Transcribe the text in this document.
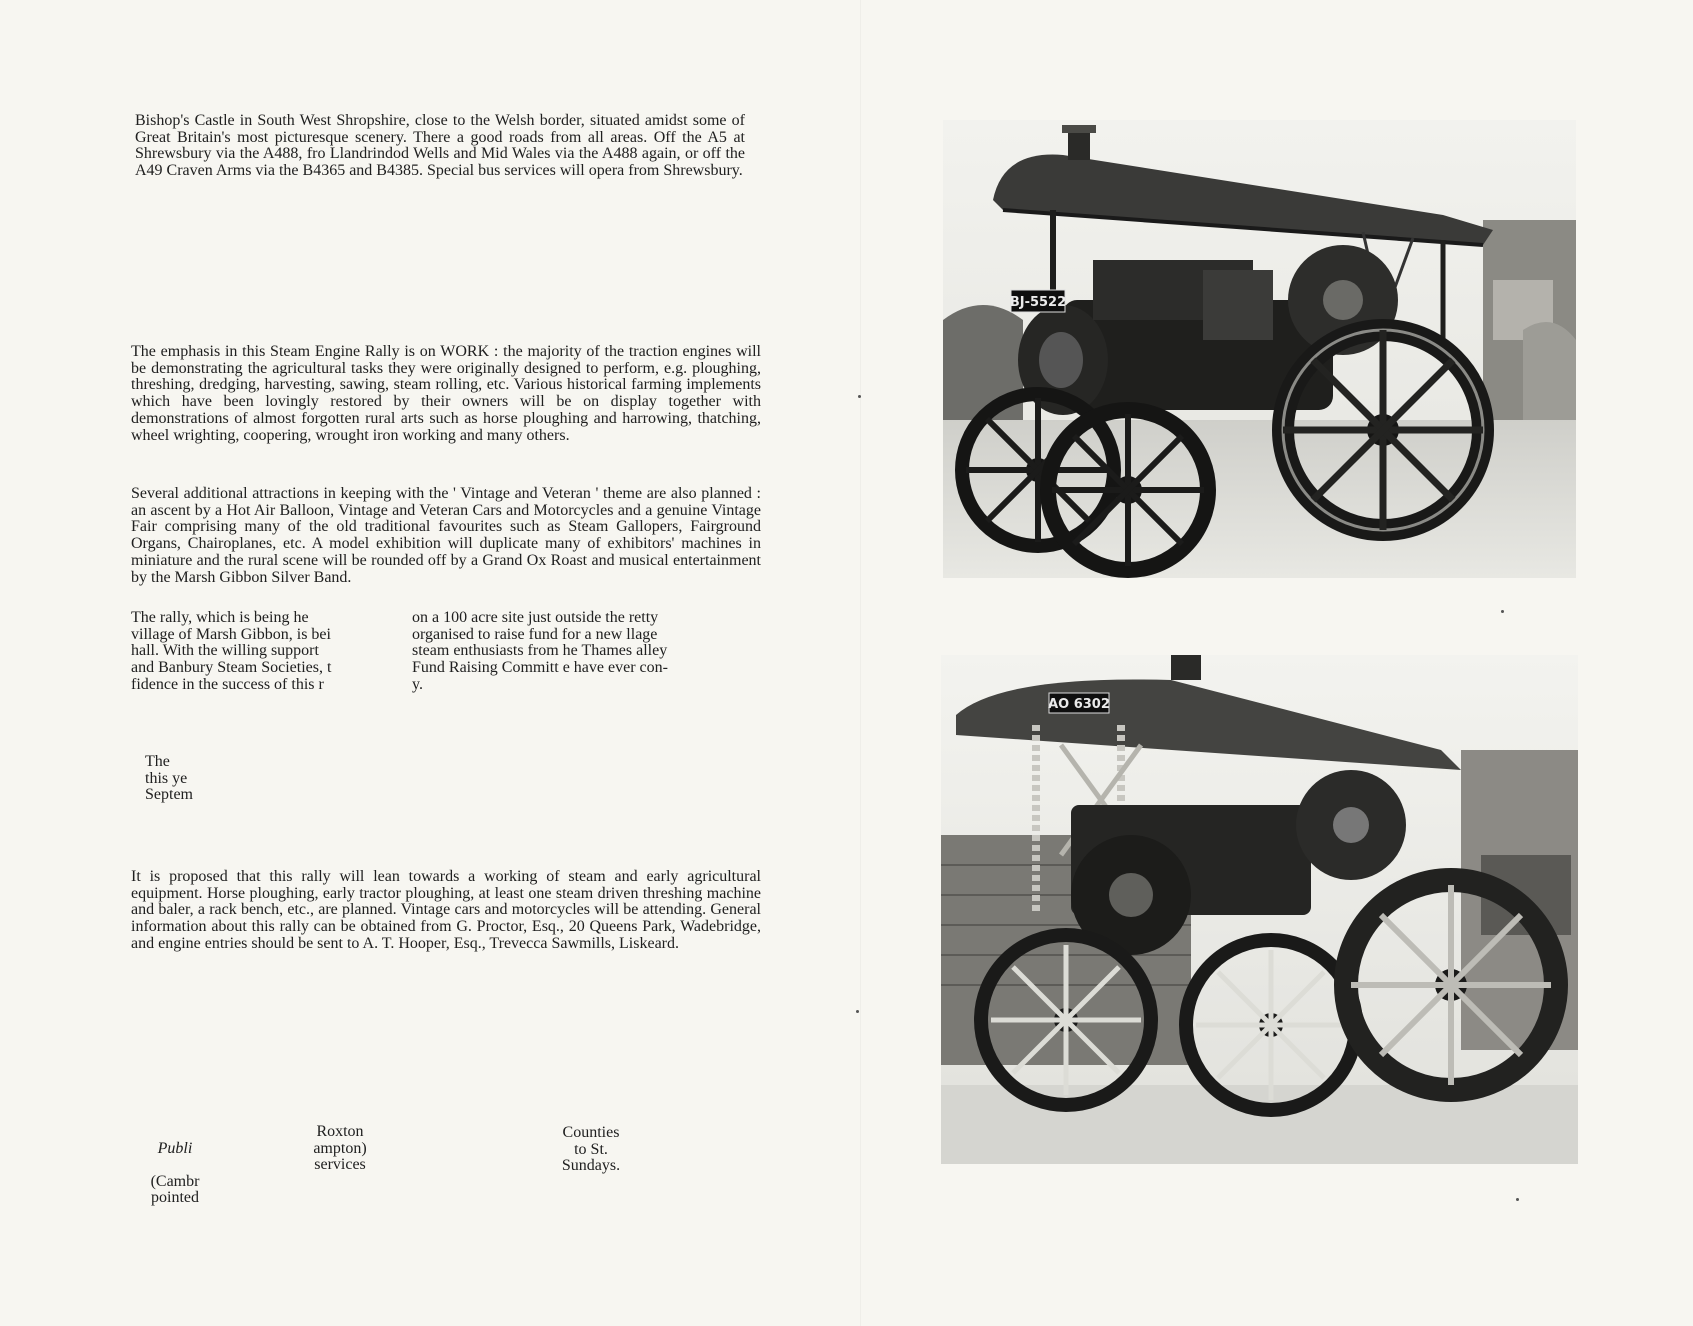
Bishop's Castle in South West Shropshire, close to the Welsh border, situated amidst some of Great Britain's most picturesque scenery. There a good roads from all areas. Off the A5 at Shrewsbury via the A488, fro Llandrindod Wells and Mid Wales via the A488 again, or off the A49 Craven Arms via the B4365 and B4385. Special bus services will opera from Shrewsbury.

The emphasis in this Steam Engine Rally is on WORK : the majority of the traction engines will be demonstrating the agricultural tasks they were originally designed to perform, e.g. ploughing, threshing, dredging, harvesting, sawing, steam rolling, etc. Various historical farming implements which have been lovingly restored by their owners will be on display together with demonstrations of almost forgotten rural arts such as horse ploughing and harrowing, thatching, wheel wrighting, coopering, wrought iron working and many others.

Several additional attractions in keeping with the ' Vintage and Veteran ' theme are also planned : an ascent by a Hot Air Balloon, Vintage and Veteran Cars and Motorcycles and a genuine Vintage Fair comprising many of the old traditional favourites such as Steam Gallopers, Fairground Organs, Chairoplanes, etc. A model exhibition will duplicate many of exhibitors' machines in miniature and the rural scene will be rounded off by a Grand Ox Roast and musical entertainment by the Marsh Gibbon Silver Band.

The rally, which is being he
village of Marsh Gibbon, is bei
hall. With the willing support
and Banbury Steam Societies, t
fidence in the success of this r

on a 100 acre site just outside the retty
organised to raise fund for a new llage
steam enthusiasts from he Thames alley
Fund Raising Committ e have ever con-
y.

The
this ye
Septem

It is proposed that this rally will lean towards a working of steam and early agricultural equipment. Horse ploughing, early tractor ploughing, at least one steam driven threshing machine and baler, a rack bench, etc., are planned. Vintage cars and motorcycles will be attending. General information about this rally can be obtained from G. Proctor, Esq., 20 Queens Park, Wadebridge, and engine entries should be sent to A. T. Hooper, Esq., Trevecca Sawmills, Liskeard.

Publi

(Cambr
pointed

Roxton
ampton)
services

Counties
to St.
Sundays.

BJ-5522
AO 6302
